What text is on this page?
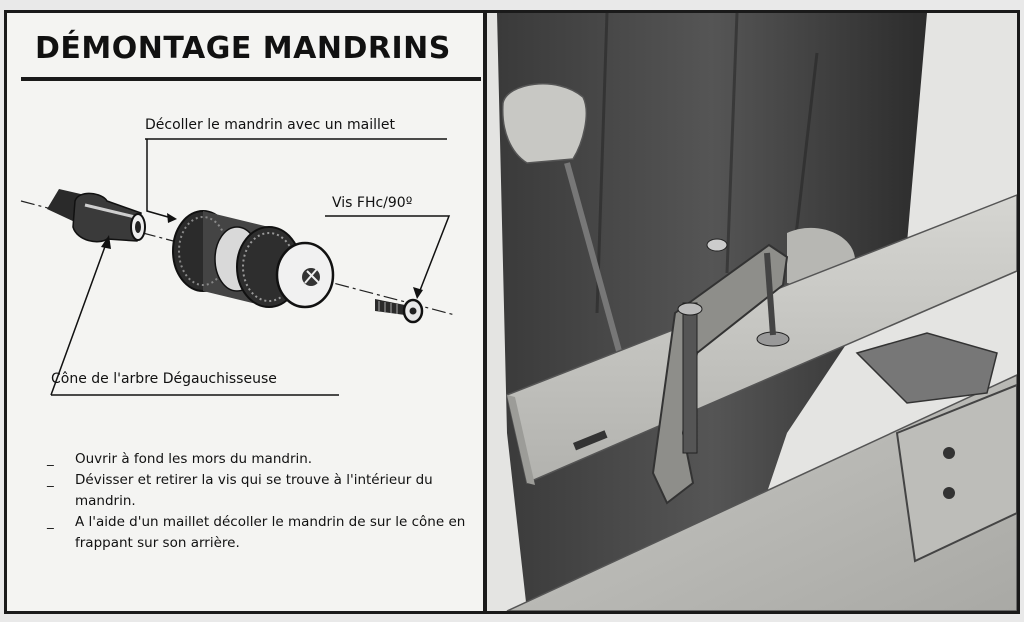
DÉMONTAGE MANDRINS
Décoller le mandrin avec un maillet
Vis FHc/90º
Cône de l'arbre Dégauchisseuse
_ Ouvrir à fond les mors du mandrin.
_ Dévisser et retirer la vis qui se trouve à l'intérieur du mandrin.
_ A l'aide d'un maillet décoller le mandrin de sur le cône en frappant sur son arrière.
